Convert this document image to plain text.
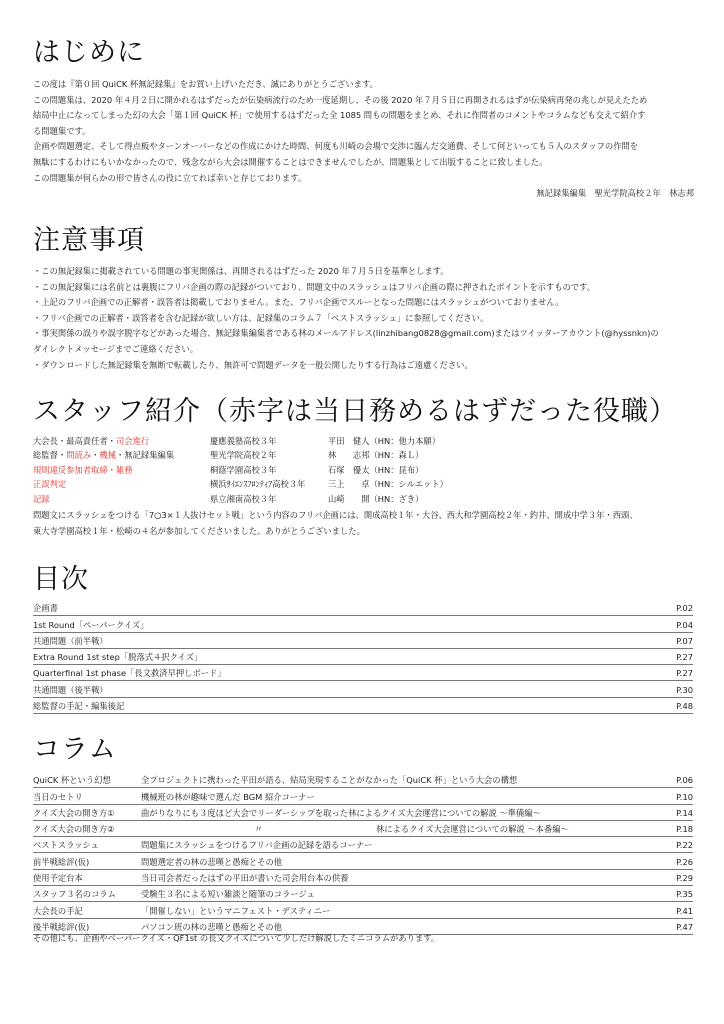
はじめに

この度は『第０回 QuiCK 杯無記録集』をお買い上げいただき、誠にありがとうございます。

この問題集は、2020 年４月２日に開かれるはずだったが伝染病流行のため一度延期し、その後 2020 年７月５日に再開されるはずが伝染病再発の兆しが見えたため

結局中止になってしまった幻の大会「第１回 QuiCK 杯」で使用するはずだった全 1085 問もの問題をまとめ、それに作問者のコメントやコラムなども交えて紹介す

る問題集です。

企画や問題選定、そして得点板やターンオーバーなどの作成にかけた時間、何度も川崎の会場で交渉に臨んだ交通費、そして何といっても５人のスタッフの作問を

無駄にするわけにもいかなかったので、残念ながら大会は開催することはできませんでしたが、問題集として出版することに致しました。

この問題集が何らかの形で皆さんの役に立てれば幸いと存じております。

無記録集編集　聖光学院高校２年　林志邦
注意事項

・この無記録集に掲載されている問題の事実関係は、再開されるはずだった 2020 年７月５日を基準とします。

・この無記録集には名前とは裏腹にフリバ企画の際の記録がついており、問題文中のスラッシュはフリバ企画の際に押されたポイントを示すものです。

・上記のフリバ企画での正解者・誤答者は掲載しておりません。また、フリバ企画でスルーとなった問題にはスラッシュがついておりません。

・フリバ企画での正解者・誤答者を含む記録が欲しい方は、記録集のコラム７「ベストスラッシュ」に参照してください。

・事実関係の誤りや誤字脱字などがあった場合、無記録集編集者である林のメールアドレス(linzhibang0828@gmail.com)またはツイッターアカウント(@hyssnkn)の

ダイレクトメッセージまでご連絡ください。

・ダウンロードした無記録集を無断で転載したり、無許可で問題データを一般公開したりする行為はご遠慮ください。

スタッフ紹介（赤字は当日務めるはずだった役職）
大会長・最高責任者・司会進行	慶應義塾高校３年	平田　健人（HN：他力本願）
総監督・問読み・機械・無記録集編集	聖光学院高校２年	林　　志邦（HN：森Ｌ）
規則違反参加者取締・雑務	桐蔭学園高校３年	石塚　優太（HN：昆布）
正誤判定	横浜ｻｲｴﾝｽﾌﾛﾝﾃｨｱ高校３年	三上　　卓（HN：シルエット）
記録	県立湘南高校３年	山崎　　開（HN：ざき）
問題文にスラッシュをつける「7○3×１人抜けセット戦」という内容のフリバ企画には、開成高校１年・大谷、西大和学園高校２年・釣井、開成中学３年・西頭、
東大寺学園高校１年・松崎の４名が参加してくださいました。ありがとうございました。
目次
企画書	P.02
1st Round「ペーパークイズ」	P.04
共通問題（前半戦）	P.07
Extra Round 1st step「脱落式４択クイズ」	P.27
Quarterfinal 1st phase「長文救済早押しボード」	P.27
共通問題（後半戦）	P.30
総監督の手記・編集後記	P.48
コラム
QuiCK 杯という幻想	全プロジェクトに携わった平田が語る、結局実現することがなかった「QuiCK 杯」という大会の構想	P.06
当日のセトリ	機械班の林が趣味で選んだ BGM 紹介コーナー	P.10
クイズ大会の開き方①	曲がりなりにも３度ほど大会でリーダーシップを取った林によるクイズ大会運営についての解説 ～準備編～	P.14
クイズ大会の開き方②	〃	林によるクイズ大会運営についての解説 ～本番編～	P.18
ベストスラッシュ	問題集にスラッシュをつけるフリバ企画の記録を語るコーナー	P.22
前半戦総評(仮)	問題選定者の林の悲嘆と愚痴とその他	P.26
使用予定台本	当日司会者だったはずの平田が書いた司会用台本の供養	P.29
スタッフ３名のコラム	受験生３名による短い雑談と随筆のコラージュ	P.35
大会長の手記	「開催しない」というマニフェスト・デスティニー	P.41
後半戦総評(仮)	パソコン班の林の悲嘆と愚痴とその他	P.47
その他にも、企画やペーパークイズ・QF1st の長文クイズについて少しだけ解説したミニコラムがあります。
